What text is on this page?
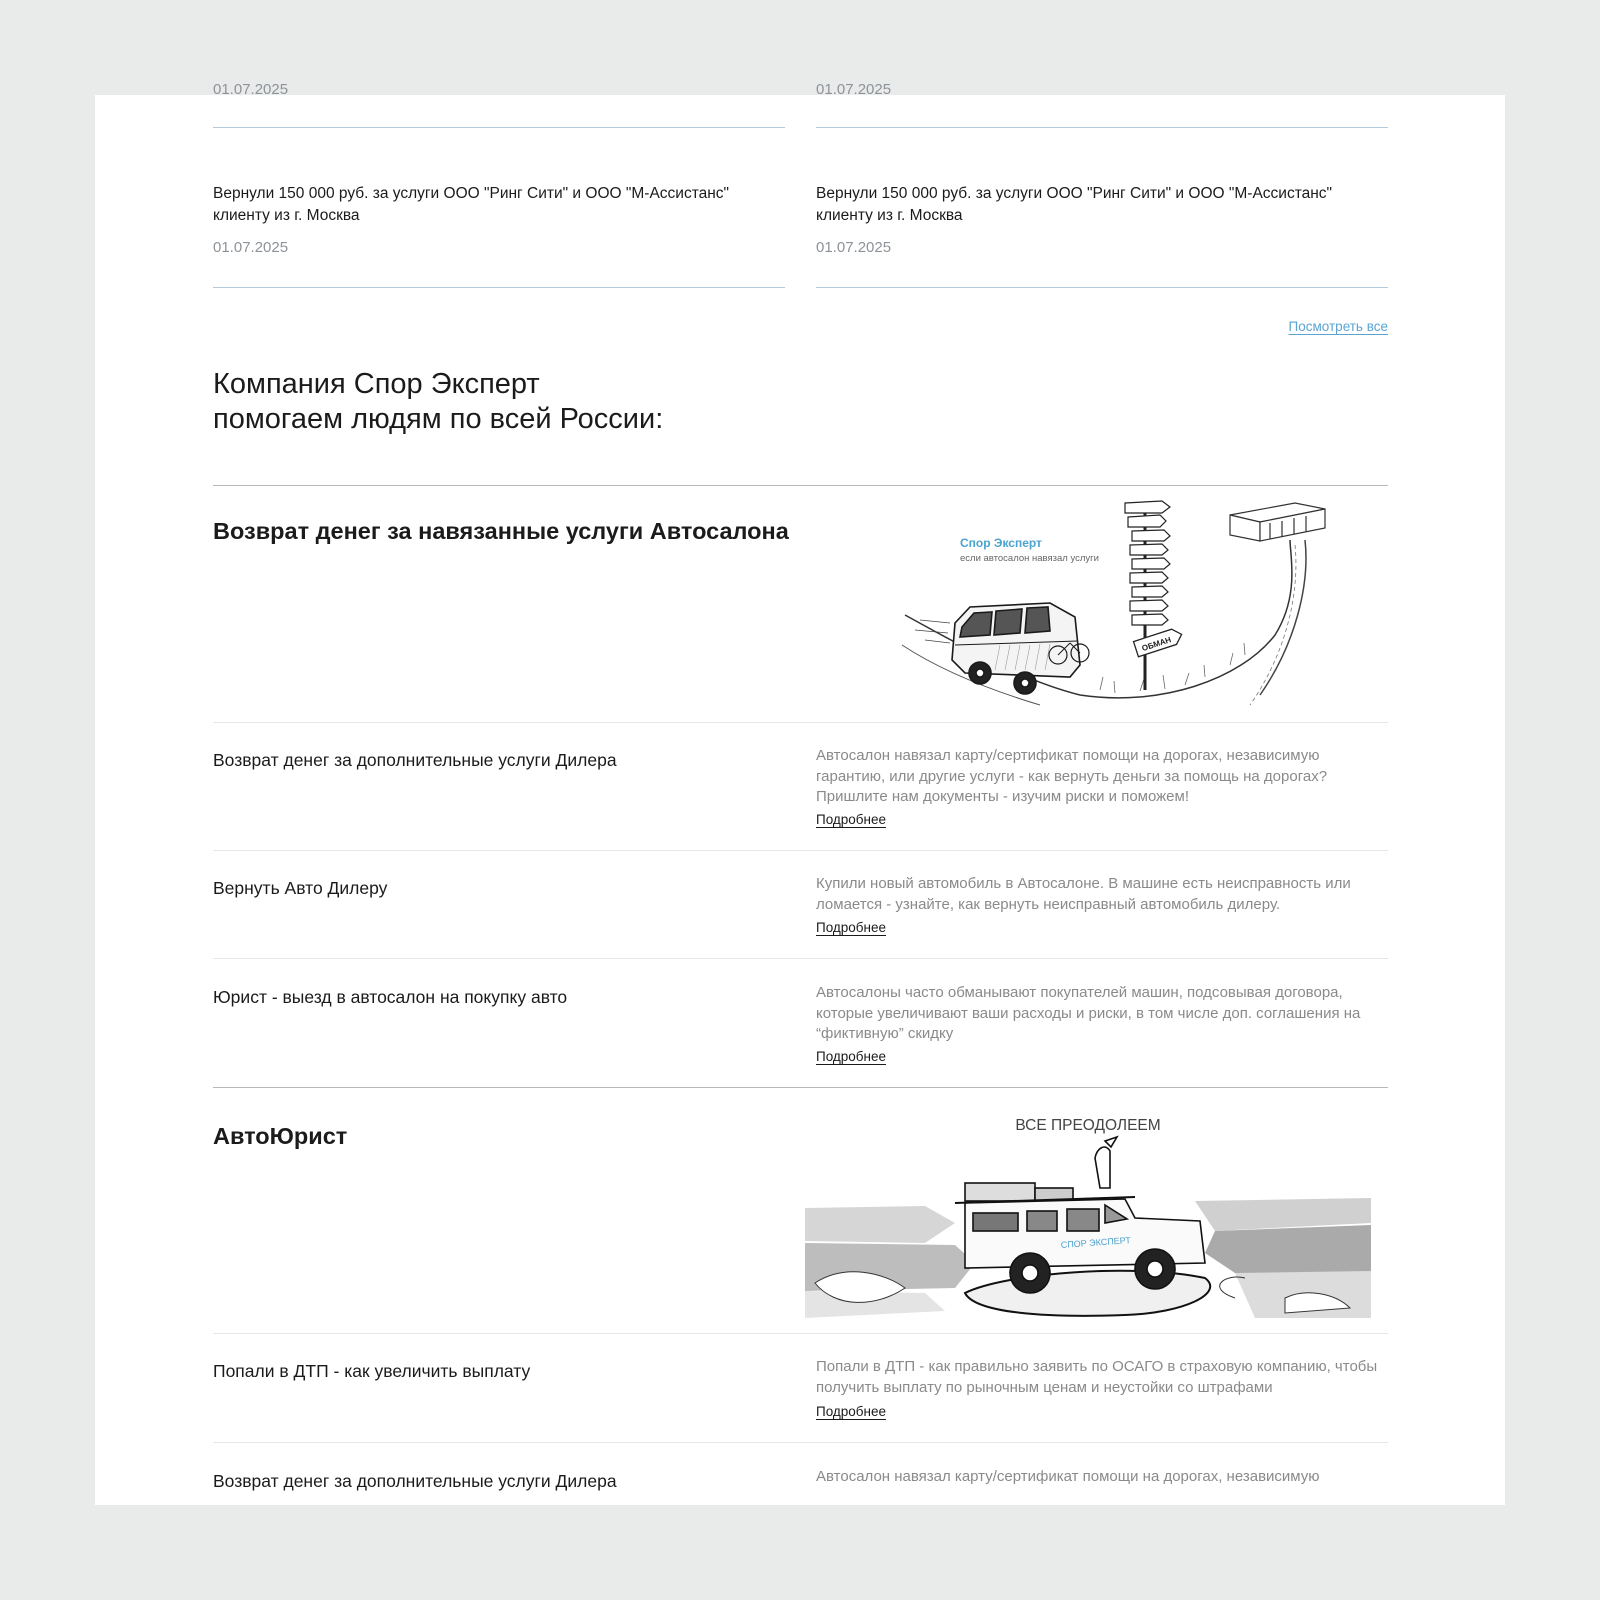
01.07.2025	01.07.2025
Вернули 150 000 руб. за услуги ООО "Ринг Сити" и ООО "М-Ассистанс" клиенту из г. Москва
01.07.2025
Вернули 150 000 руб. за услуги ООО "Ринг Сити" и ООО "М-Ассистанс" клиенту из г. Москва
01.07.2025
Посмотреть все
Компания Спор Эксперт
помогаем людям по всей России:
Возврат денег за навязанные услуги Автосалона	Спор Эксперт
если автосалон навязал услуги
ОБМАН
Возврат денег за дополнительные услуги Дилера	Автосалон навязал карту/сертификат помощи на дорогах, независимую гарантию, или другие услуги - как вернуть деньги за помощь на дорогах? Пришлите нам документы - изучим риски и поможем!
Подробнее
Вернуть Авто Дилеру	Купили новый автомобиль в Автосалоне. В машине есть неисправность или ломается - узнайте, как вернуть неисправный автомобиль дилеру.
Подробнее
Юрист - выезд в автосалон на покупку авто	Автосалоны часто обманывают покупателей машин, подсовывая договора, которые увеличивают ваши расходы и риски, в том числе доп. соглашения на “фиктивную” скидку
Подробнее
АвтоЮрист	ВСЕ ПРЕОДОЛЕЕМ
СПОР ЭКСПЕРТ
Попали в ДТП - как увеличить выплату	Попали в ДТП - как правильно заявить по ОСАГО в страховую компанию, чтобы получить выплату по рыночным ценам и неустойки со штрафами
Подробнее
Возврат денег за дополнительные услуги Дилера	Автосалон навязал карту/сертификат помощи на дорогах, независимую
